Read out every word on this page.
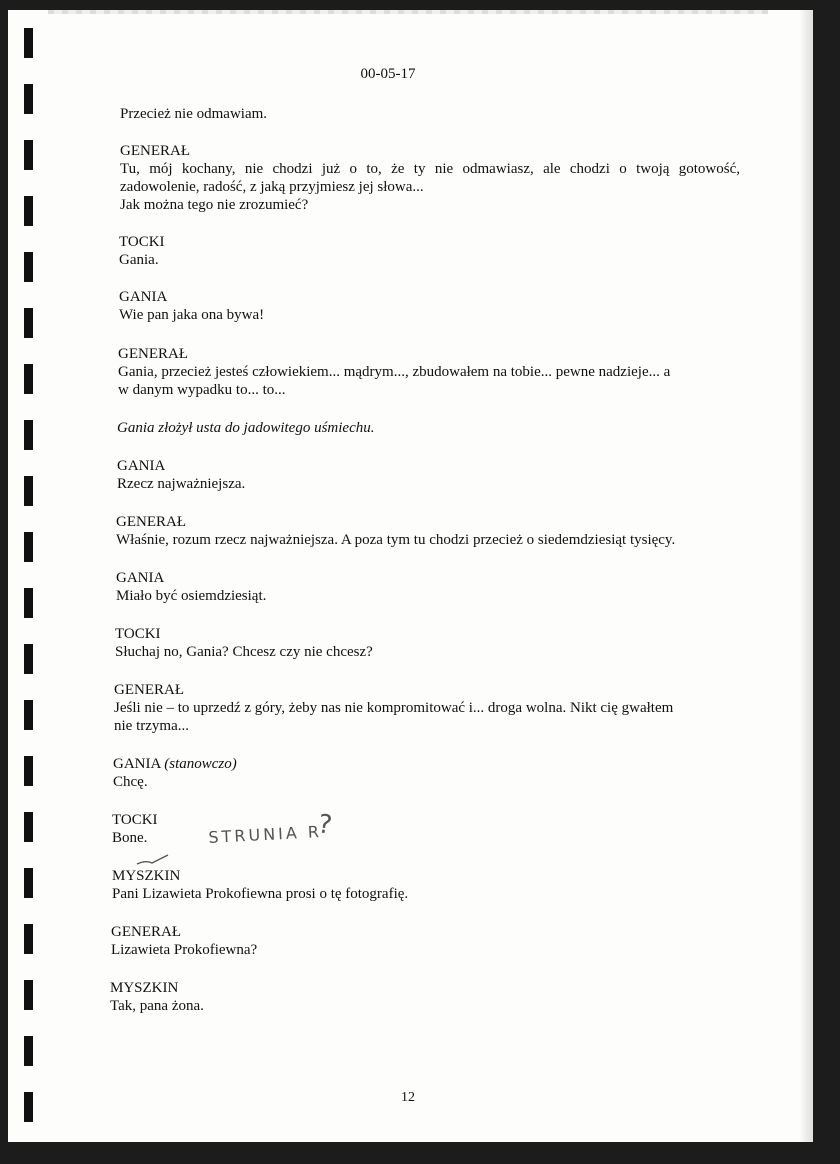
00-05-17
Przecież nie odmawiam.
GENERAŁ
Tu, mój kochany, nie chodzi już o to, że ty nie odmawiasz, ale chodzi o twoją gotowość,
zadowolenie, radość, z jaką przyjmiesz jej słowa...
Jak można tego nie zrozumieć?
TOCKI
Gania.
GANIA
Wie pan jaka ona bywa!
GENERAŁ
Gania, przecież jesteś człowiekiem... mądrym..., zbudowałem na tobie... pewne nadzieje... a
w danym wypadku to... to...
Gania złożył usta do jadowitego uśmiechu.
GANIA
Rzecz najważniejsza.
GENERAŁ
Właśnie, rozum rzecz najważniejsza. A poza tym tu chodzi przecież o siedemdziesiąt tysięcy.
GANIA
Miało być osiemdziesiąt.
TOCKI
Słuchaj no, Gania? Chcesz czy nie chcesz?
GENERAŁ
Jeśli nie – to uprzedź z góry, żeby nas nie kompromitować i... droga wolna. Nikt cię gwałtem
nie trzyma...
GANIA (stanowczo)
Chcę.
TOCKI
Bone.
MYSZKIN
Pani Lizawieta Prokofiewna prosi o tę fotografię.
GENERAŁ
Lizawieta Prokofiewna?
MYSZKIN
Tak, pana żona.
STRUNIA R
?
12
